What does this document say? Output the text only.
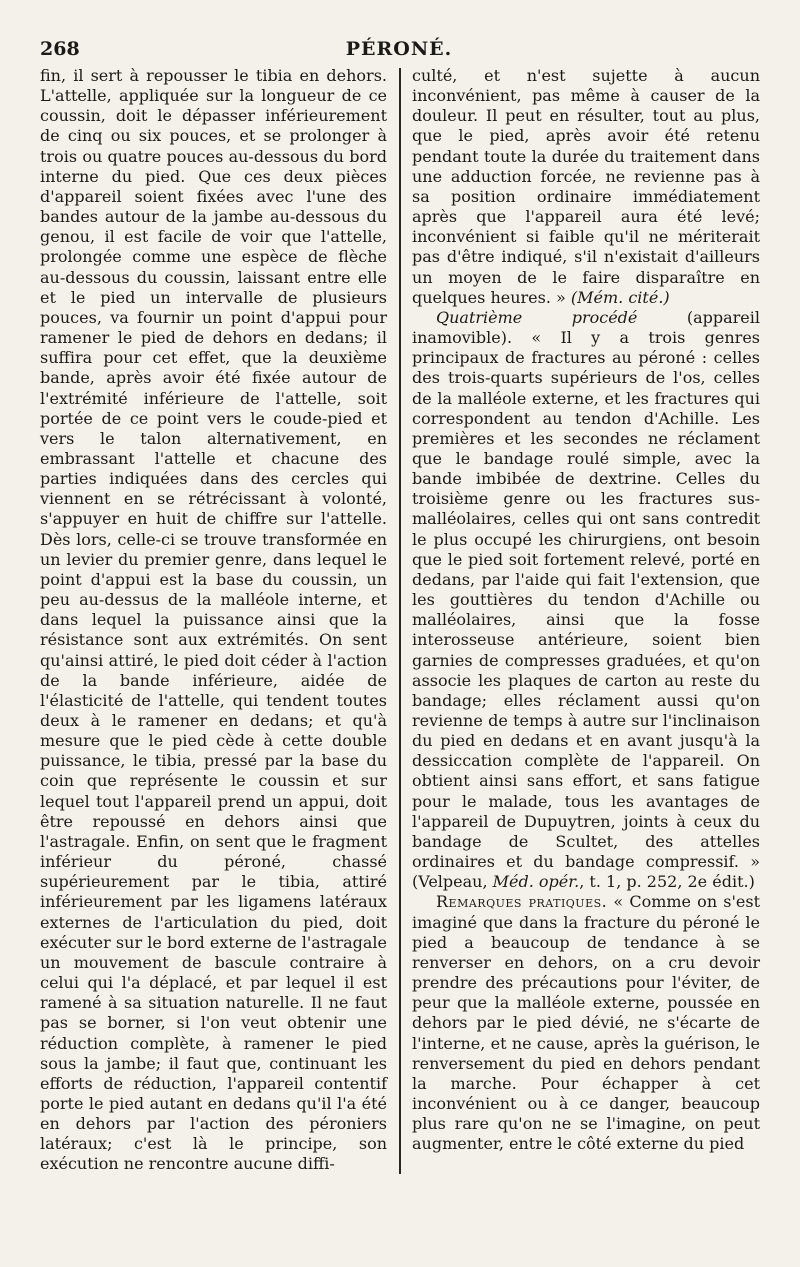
268	PÉRONÉ.

fin, il sert à repousser le tibia en dehors. L'attelle, appliquée sur la longueur de ce coussin, doit le dépasser inférieurement de cinq ou six pouces, et se prolonger à trois ou quatre pouces au-dessous du bord interne du pied. Que ces deux pièces d'appareil soient fixées avec l'une des bandes autour de la jambe au-dessous du genou, il est facile de voir que l'attelle, prolongée comme une espèce de flèche au-dessous du coussin, laissant entre elle et le pied un intervalle de plusieurs pouces, va fournir un point d'appui pour ramener le pied de dehors en dedans; il suffira pour cet effet, que la deuxième bande, après avoir été fixée autour de l'extrémité inférieure de l'attelle, soit portée de ce point vers le coude-pied et vers le talon alternativement, en embrassant l'attelle et chacune des parties indiquées dans des cercles qui viennent en se rétrécissant à volonté, s'appuyer en huit de chiffre sur l'attelle. Dès lors, celle-ci se trouve transformée en un levier du premier genre, dans lequel le point d'appui est la base du coussin, un peu au-dessus de la malléole interne, et dans lequel la puissance ainsi que la résistance sont aux extrémités. On sent qu'ainsi attiré, le pied doit céder à l'action de la bande inférieure, aidée de l'élasticité de l'attelle, qui tendent toutes deux à le ramener en dedans; et qu'à mesure que le pied cède à cette double puissance, le tibia, pressé par la base du coin que représente le coussin et sur lequel tout l'appareil prend un appui, doit être repoussé en dehors ainsi que l'astragale. Enfin, on sent que le fragment inférieur du péroné, chassé supérieurement par le tibia, attiré inférieurement par les ligamens latéraux externes de l'articulation du pied, doit exécuter sur le bord externe de l'astragale un mouvement de bascule contraire à celui qui l'a déplacé, et par lequel il est ramené à sa situation naturelle. Il ne faut pas se borner, si l'on veut obtenir une réduction complète, à ramener le pied sous la jambe; il faut que, continuant les efforts de réduction, l'appareil contentif porte le pied autant en dedans qu'il l'a été en dehors par l'action des péroniers latéraux; c'est là le principe, son exécution ne rencontre aucune diffi-

culté, et n'est sujette à aucun inconvénient, pas même à causer de la douleur. Il peut en résulter, tout au plus, que le pied, après avoir été retenu pendant toute la durée du traitement dans une adduction forcée, ne revienne pas à sa position ordinaire immédiatement après que l'appareil aura été levé; inconvénient si faible qu'il ne mériterait pas d'être indiqué, s'il n'existait d'ailleurs un moyen de le faire disparaître en quelques heures. » (Mém. cité.)

Quatrième procédé (appareil inamovible). « Il y a trois genres principaux de fractures au péroné : celles des trois-quarts supérieurs de l'os, celles de la malléole externe, et les fractures qui correspondent au tendon d'Achille. Les premières et les secondes ne réclament que le bandage roulé simple, avec la bande imbibée de dextrine. Celles du troisième genre ou les fractures sus-malléolaires, celles qui ont sans contredit le plus occupé les chirurgiens, ont besoin que le pied soit fortement relevé, porté en dedans, par l'aide qui fait l'extension, que les gouttières du tendon d'Achille ou malléolaires, ainsi que la fosse interosseuse antérieure, soient bien garnies de compresses graduées, et qu'on associe les plaques de carton au reste du bandage; elles réclament aussi qu'on revienne de temps à autre sur l'inclinaison du pied en dedans et en avant jusqu'à la dessiccation complète de l'appareil. On obtient ainsi sans effort, et sans fatigue pour le malade, tous les avantages de l'appareil de Dupuytren, joints à ceux du bandage de Scultet, des attelles ordinaires et du bandage compressif. » (Velpeau, Méd. opér., t. 1, p. 252, 2e édit.)

Remarques pratiques. « Comme on s'est imaginé que dans la fracture du péroné le pied a beaucoup de tendance à se renverser en dehors, on a cru devoir prendre des précautions pour l'éviter, de peur que la malléole externe, poussée en dehors par le pied dévié, ne s'écarte de l'interne, et ne cause, après la guérison, le renversement du pied en dehors pendant la marche. Pour échapper à cet inconvénient ou à ce danger, beaucoup plus rare qu'on ne se l'imagine, on peut augmenter, entre le côté externe du pied
